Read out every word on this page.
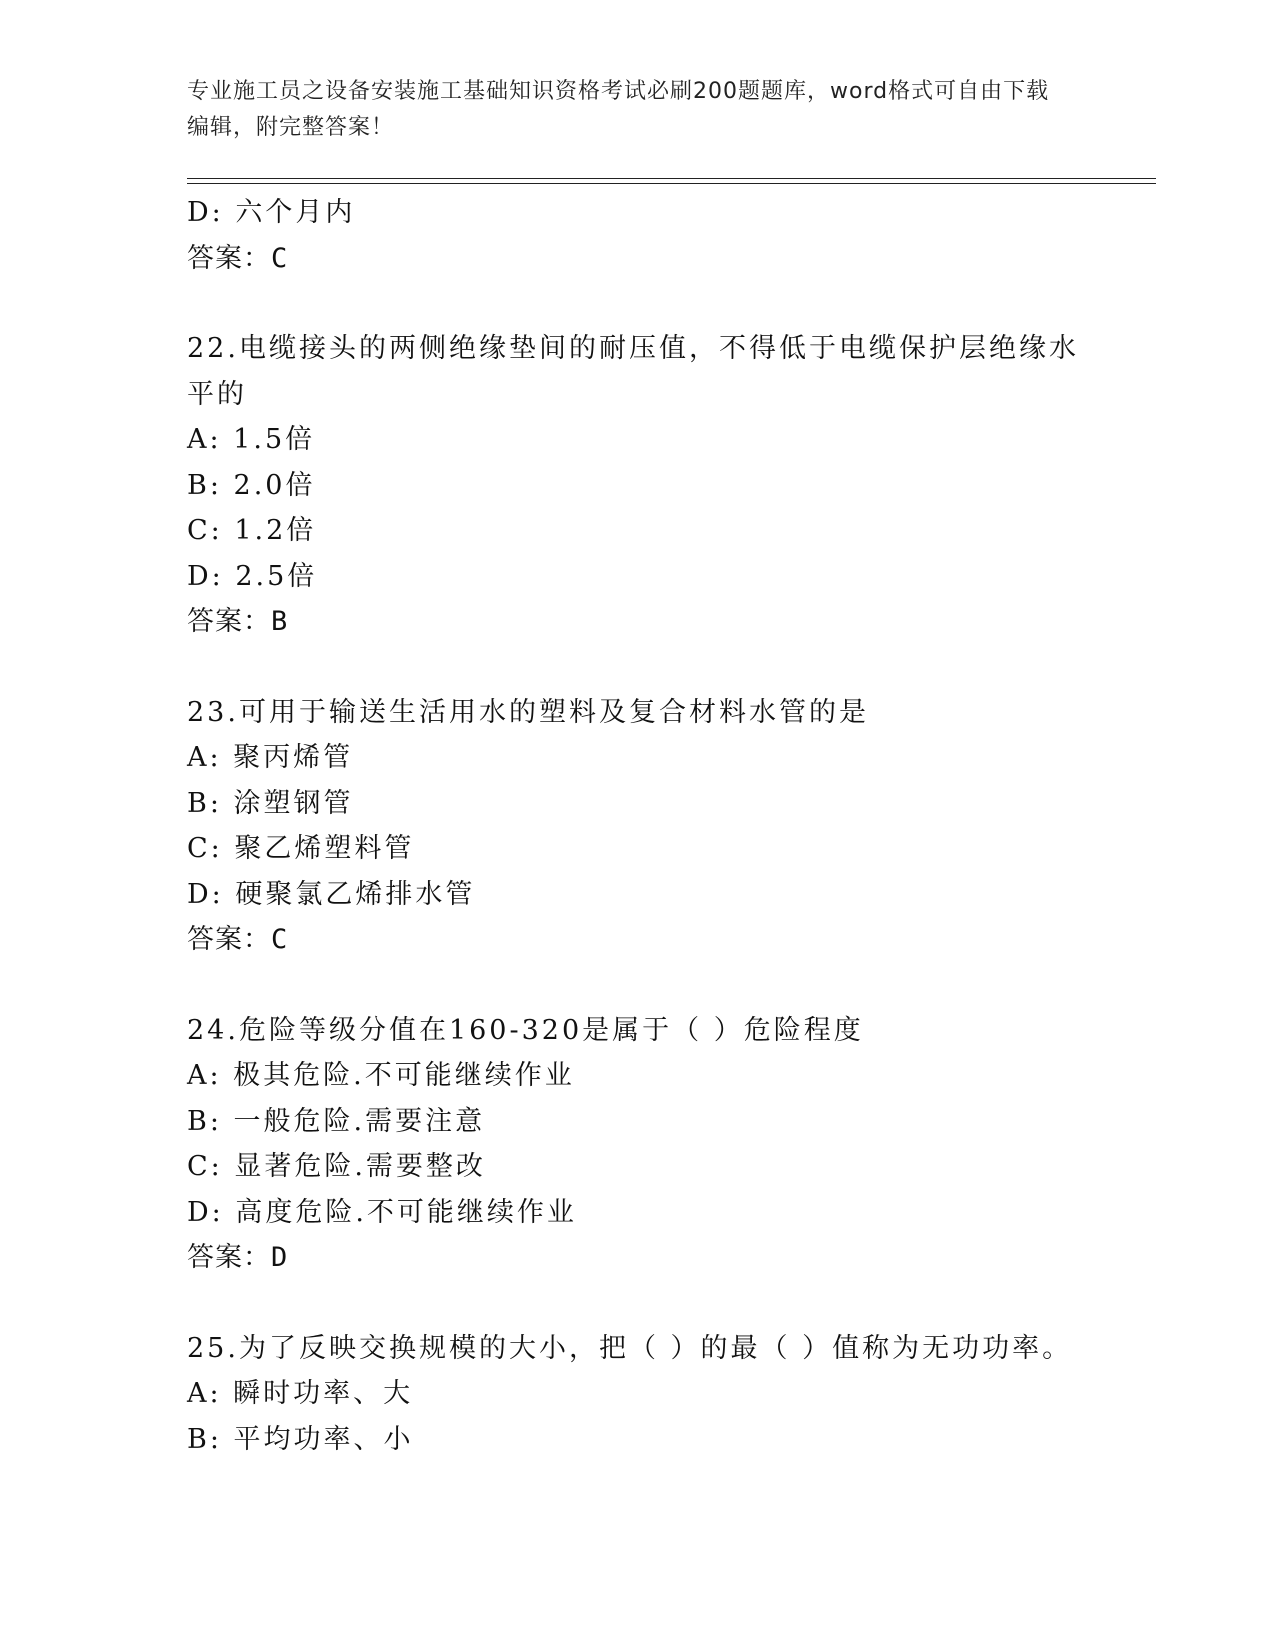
专业施工员之设备安装施工基础知识资格考试必刷200题题库，word格式可自由下载编辑，附完整答案！
D: 六个月内
答案：C
22.电缆接头的两侧绝缘垫间的耐压值，不得低于电缆保护层绝缘水平的
A: 1.5倍
B: 2.0倍
C: 1.2倍
D: 2.5倍
答案：B
23.可用于输送生活用水的塑料及复合材料水管的是
A: 聚丙烯管
B: 涂塑钢管
C: 聚乙烯塑料管
D: 硬聚氯乙烯排水管
答案：C
24.危险等级分值在160-320是属于（ ）危险程度
A: 极其危险.不可能继续作业
B: 一般危险.需要注意
C: 显著危险.需要整改
D: 高度危险.不可能继续作业
答案：D
25.为了反映交换规模的大小，把（ ）的最（ ）值称为无功功率。
A: 瞬时功率、大
B: 平均功率、小
